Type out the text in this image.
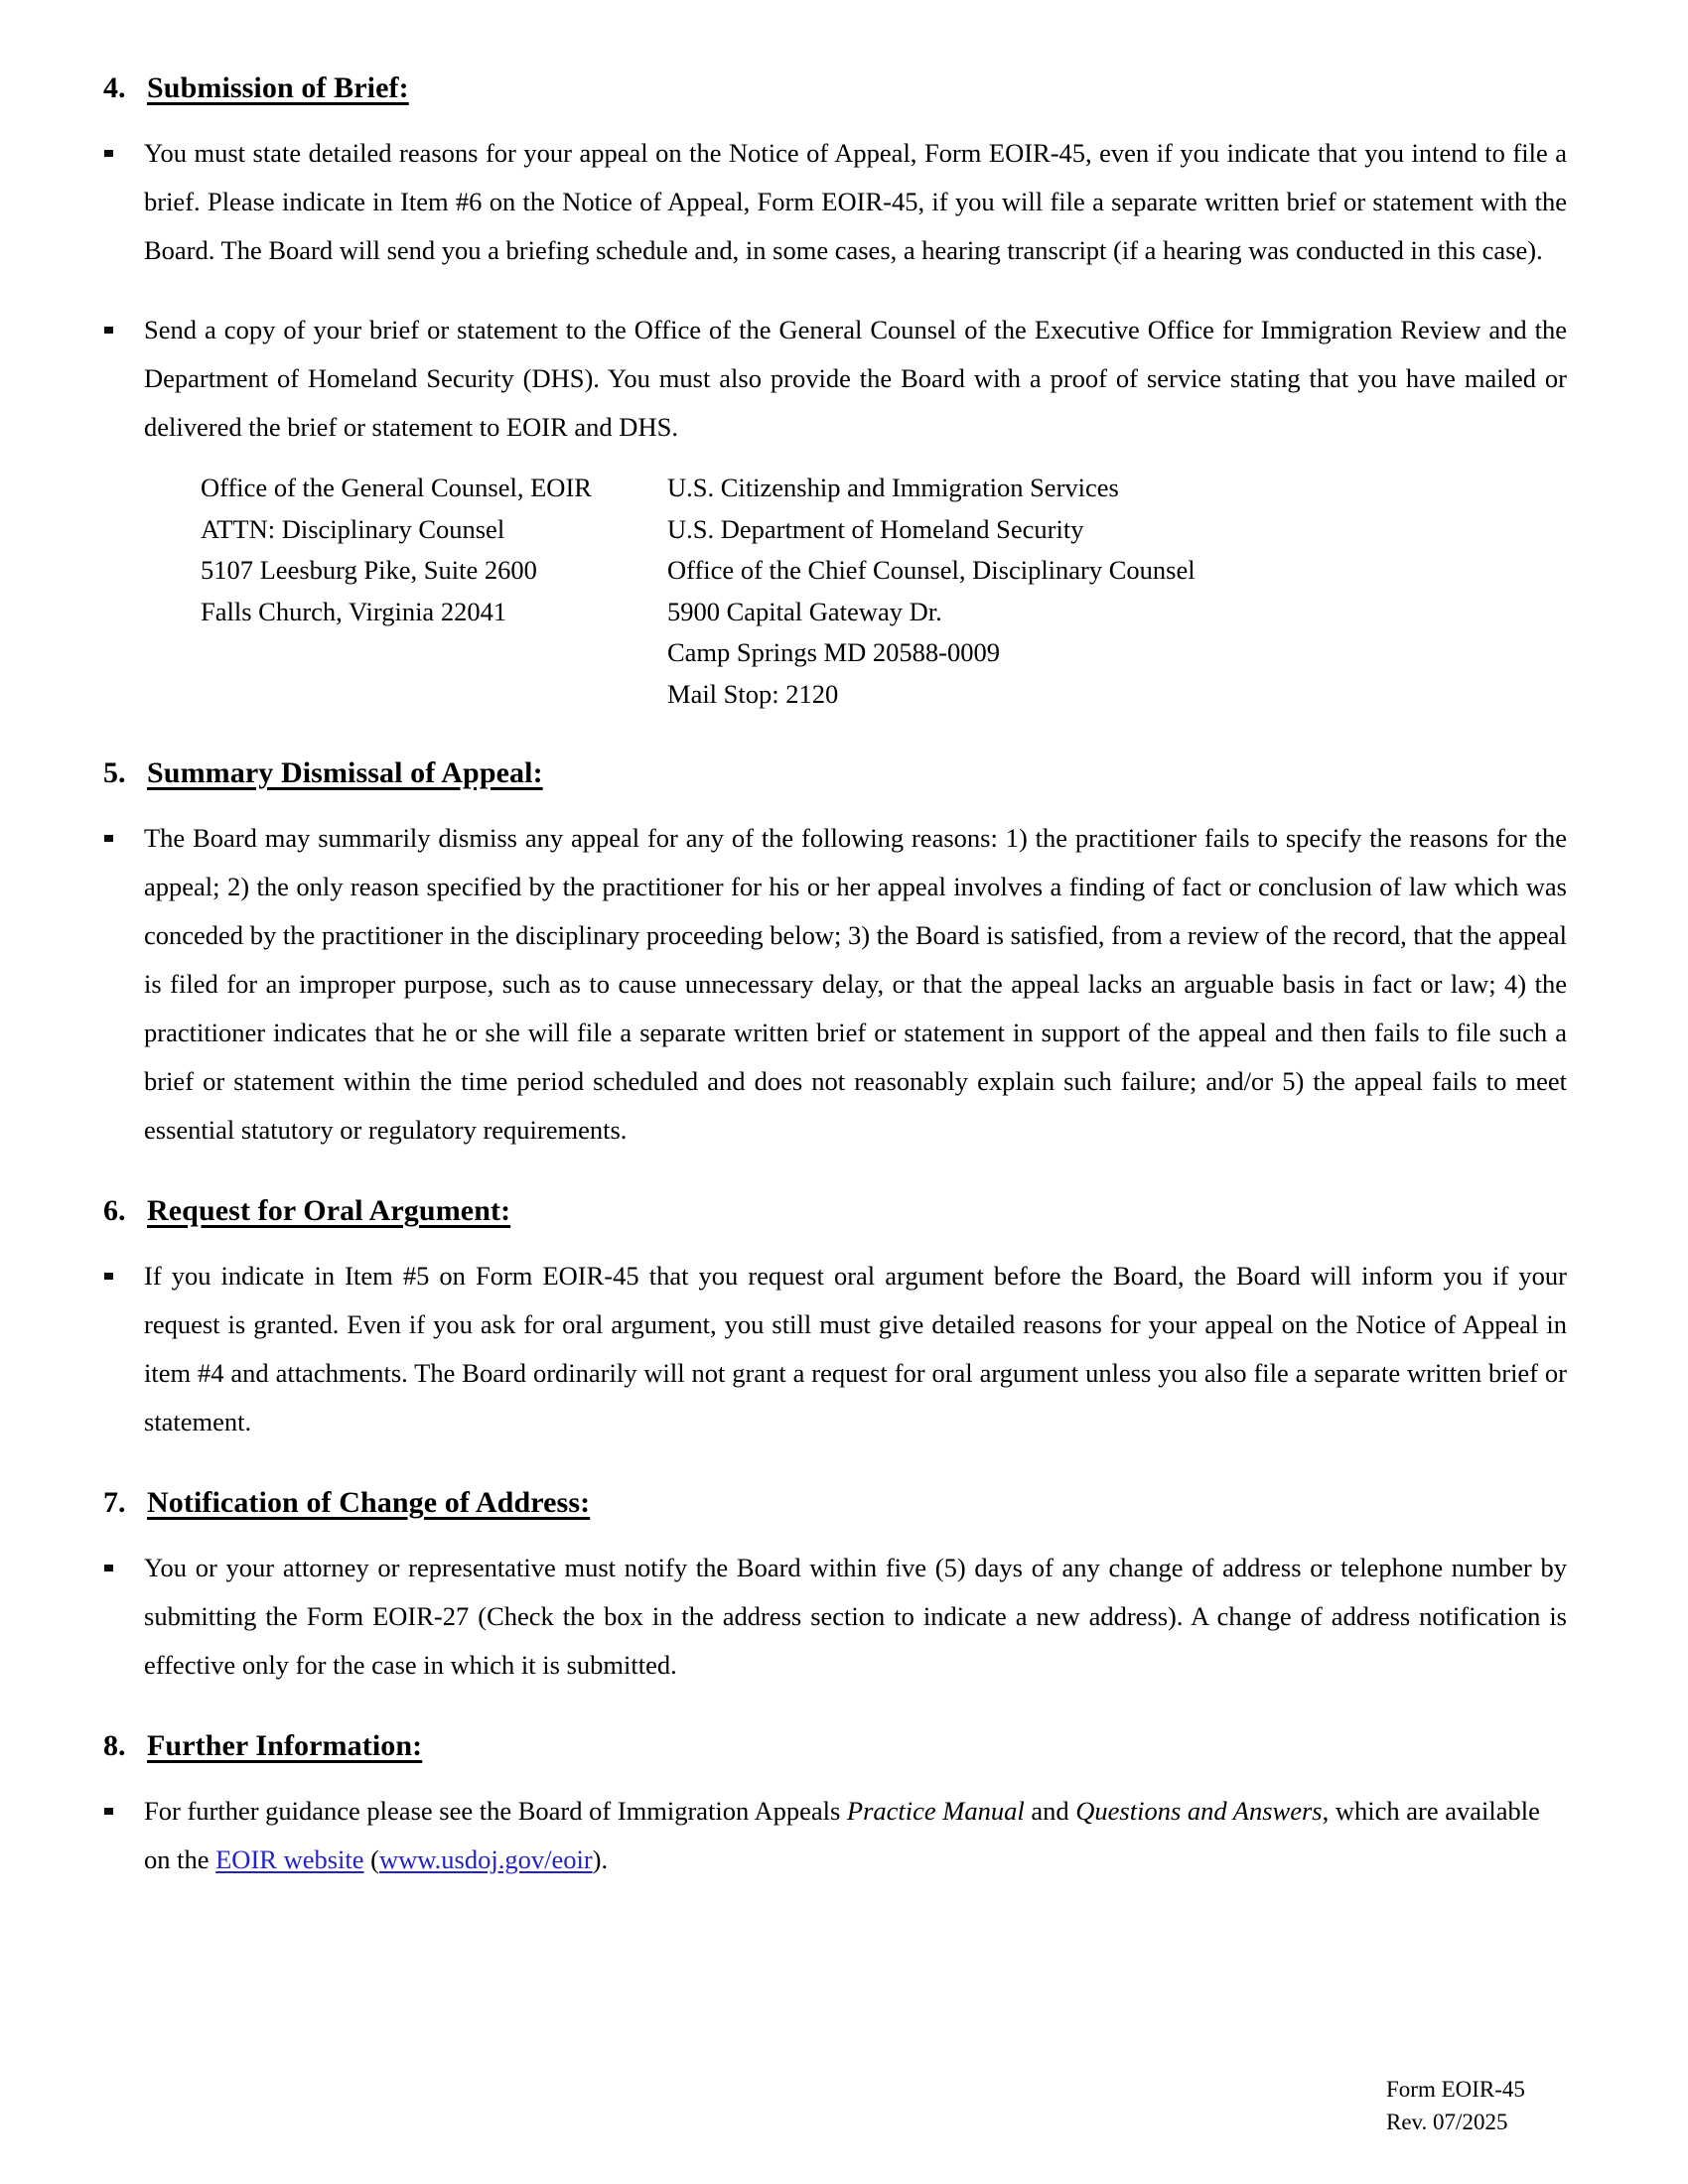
4. Submission of Brief:
You must state detailed reasons for your appeal on the Notice of Appeal, Form EOIR-45, even if you indicate that you intend to file a brief. Please indicate in Item #6 on the Notice of Appeal, Form EOIR-45, if you will file a separate written brief or statement with the Board. The Board will send you a briefing schedule and, in some cases, a hearing transcript (if a hearing was conducted in this case).
Send a copy of your brief or statement to the Office of the General Counsel of the Executive Office for Immigration Review and the Department of Homeland Security (DHS). You must also provide the Board with a proof of service stating that you have mailed or delivered the brief or statement to EOIR and DHS.
Office of the General Counsel, EOIR
ATTN: Disciplinary Counsel
5107 Leesburg Pike, Suite 2600
Falls Church, Virginia 22041
U.S. Citizenship and Immigration Services
U.S. Department of Homeland Security
Office of the Chief Counsel, Disciplinary Counsel
5900 Capital Gateway Dr.
Camp Springs MD 20588-0009
Mail Stop: 2120
5. Summary Dismissal of Appeal:
The Board may summarily dismiss any appeal for any of the following reasons: 1) the practitioner fails to specify the reasons for the appeal; 2) the only reason specified by the practitioner for his or her appeal involves a finding of fact or conclusion of law which was conceded by the practitioner in the disciplinary proceeding below; 3) the Board is satisfied, from a review of the record, that the appeal is filed for an improper purpose, such as to cause unnecessary delay, or that the appeal lacks an arguable basis in fact or law; 4) the practitioner indicates that he or she will file a separate written brief or statement in support of the appeal and then fails to file such a brief or statement within the time period scheduled and does not reasonably explain such failure; and/or 5) the appeal fails to meet essential statutory or regulatory requirements.
6. Request for Oral Argument:
If you indicate in Item #5 on Form EOIR-45 that you request oral argument before the Board, the Board will inform you if your request is granted. Even if you ask for oral argument, you still must give detailed reasons for your appeal on the Notice of Appeal in item #4 and attachments. The Board ordinarily will not grant a request for oral argument unless you also file a separate written brief or statement.
7. Notification of Change of Address:
You or your attorney or representative must notify the Board within five (5) days of any change of address or telephone number by submitting the Form EOIR-27 (Check the box in the address section to indicate a new address). A change of address notification is effective only for the case in which it is submitted.
8. Further Information:
For further guidance please see the Board of Immigration Appeals Practice Manual and Questions and Answers, which are available on the EOIR website (www.usdoj.gov/eoir).
Form EOIR-45
Rev. 07/2025
